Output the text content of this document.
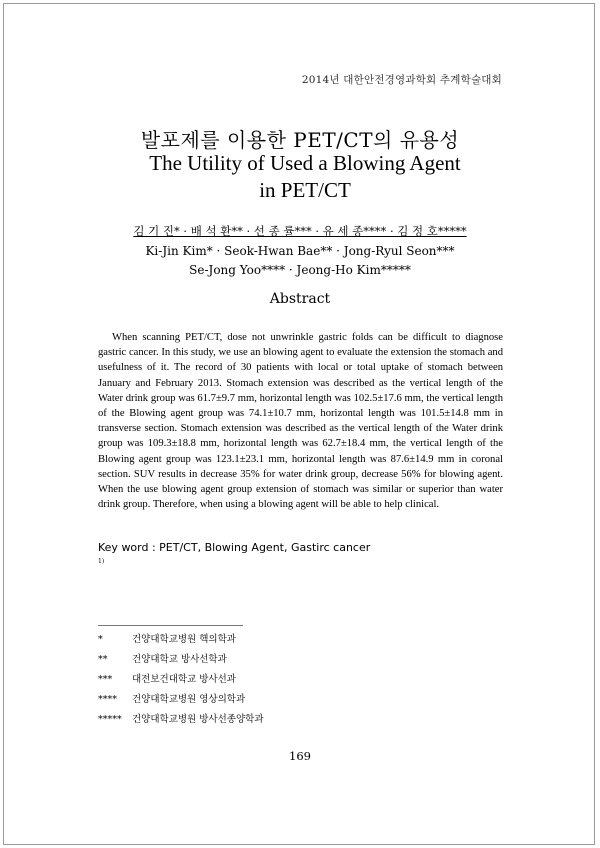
2014년 대한안전경영과학회 추계학술대회
발포제를 이용한 PET/CT의 유용성
The Utility of Used a Blowing Agent in PET/CT
김 기 진* · 배 석 환** · 선 종 률*** · 유 세 종**** · 김 정 호*****
Ki-Jin Kim* · Seok-Hwan Bae** · Jong-Ryul Seon***
Se-Jong Yoo**** · Jeong-Ho Kim*****
Abstract

When scanning PET/CT, dose not unwrinkle gastric folds can be difficult to diagnose gastric cancer. In this study, we use an blowing agent to evaluate the extension the stomach and usefulness of it. The record of 30 patients with local or total uptake of stomach between January and February 2013. Stomach extension was described as the vertical length of the Water drink group was 61.7±9.7 mm, horizontal length was 102.5±17.6 mm, the vertical length of the Blowing agent group was 74.1±10.7 mm, horizontal length was 101.5±14.8 mm in transverse section. Stomach extension was described as the vertical length of the Water drink group was 109.3±18.8 mm, horizontal length was 62.7±18.4 mm, the vertical length of the Blowing agent group was 123.1±23.1 mm, horizontal length was 87.6±14.9 mm in coronal section. SUV results in decrease 35% for water drink group, decrease 56% for blowing agent. When the use blowing agent group extension of stomach was similar or superior than water drink group. Therefore, when using a blowing agent will be able to help clinical.

Key word : PET/CT, Blowing Agent, Gastirc cancer
1)
*	건양대학교병원 핵의학과
**	건양대학교 방사선학과
*** 대전보건대학교 방사선과
**** 건양대학교병원 영상의학과
***** 건양대학교병원 방사선종양학과
169
